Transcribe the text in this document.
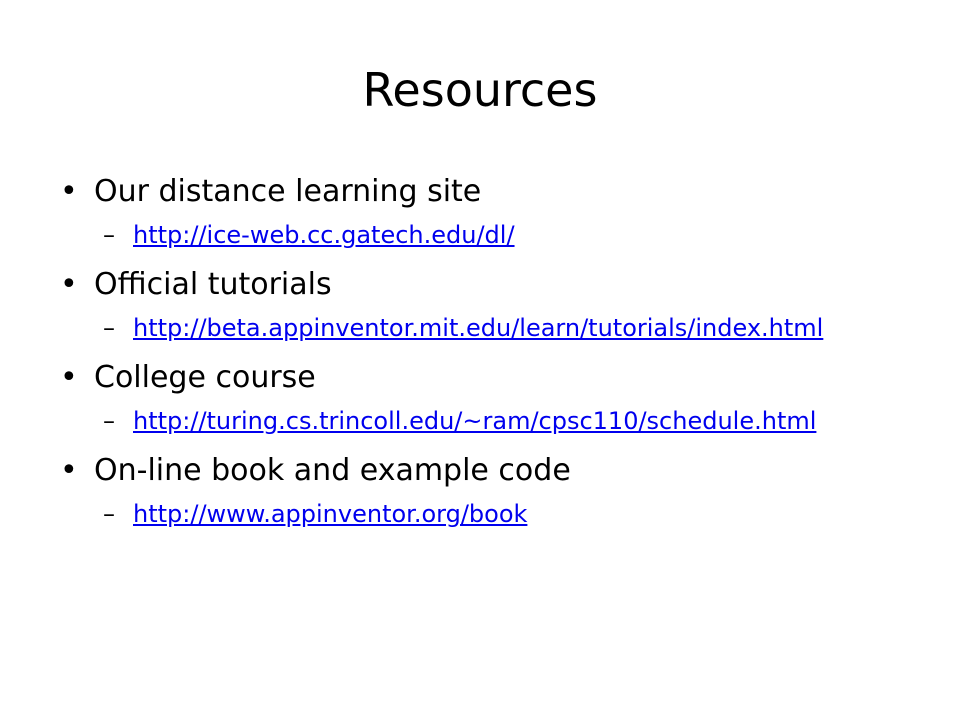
Resources
• Our distance learning site
– http://ice-web.cc.gatech.edu/dl/
• Official tutorials
– http://beta.appinventor.mit.edu/learn/tutorials/index.html
• College course
– http://turing.cs.trincoll.edu/~ram/cpsc110/schedule.html
• On-line book and example code
– http://www.appinventor.org/book
